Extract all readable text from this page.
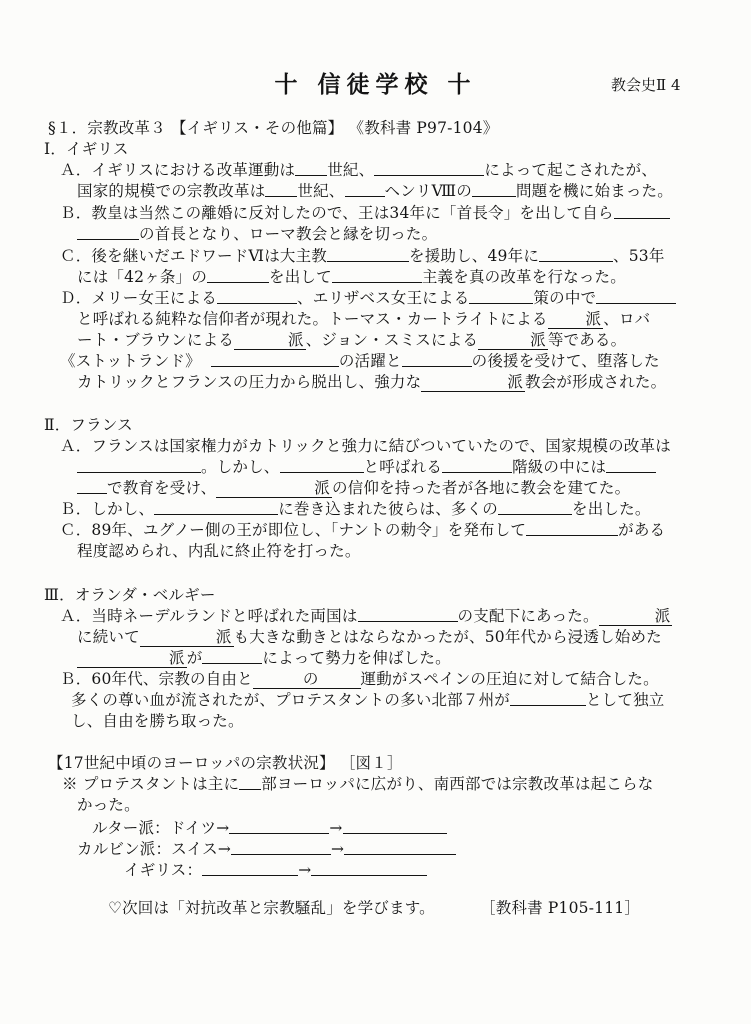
十 信徒学校 十	教会史Ⅱ 4
§１．宗教改革３ 【イギリス・その他篇】 《教科書 P97-104》
Ⅰ．イギリス
Ａ．イギリスにおける改革運動は 世紀、	によって起こされたが、
国家的規模での宗教改革は 世紀、	ヘンリⅧの	問題を機に始まった。
Ｂ．教皇は当然この離婚に反対したので、王は34年に「首長令」を出して自ら
の首長となり、ローマ教会と縁を切った。
Ｃ．後を継いだエドワードⅥは大主教	を援助し、49年に	、53年
には「42ヶ条」の	を出して	主義を真の改革を行なった。
Ｄ．メリー女王による	、エリザベス女王による	策の中で
と呼ばれる純粋な信仰者が現れた。トーマス・カートライトによる 派 、ロバ
ート・ブラウンによる	派 、ジョン・スミスによる	派 等である。
《ストットランド》	の活躍と	の後援を受けて、堕落した
カトリックとフランスの圧力から脱出し、強力な	派 教会が形成された。
Ⅱ．フランス
Ａ．フランスは国家権力がカトリックと強力に結びついていたので、国家規模の改革は
。しかし、	と呼ばれる	階級の中には
で教育を受け、	派 の信仰を持った者が各地に教会を建てた。
Ｂ．しかし、	に巻き込まれた彼らは、多くの	を出した。
Ｃ．89年、ユグノー側の王が即位し、「ナントの勅令」を発布して	がある
程度認められ、内乱に終止符を打った。
Ⅲ．オランダ・ベルギー
Ａ．当時ネーデルランドと呼ばれた両国は	の支配下にあった。	派
に続いて	派 も大きな動きとはならなかったが、50年代から浸透し始めた
派 が	によって勢力を伸ばした。
Ｂ．60年代、宗教の自由と	の	運動がスペインの圧迫に対して結合した。
多くの尊い血が流されたが、プロテスタントの多い北部７州が	として独立
し、自由を勝ち取った。
【17世紀中頃のヨーロッパの宗教状況】 ［図１］
※ プロテスタントは主に 部ヨーロッパに広がり、南西部では宗教改革は起こらな
かった。
ルター派：ドイツ→	→
カルビン派：スイス→	→
イギリス：	→
♡次回は「対抗改革と宗教騒乱」を学びます。	［教科書 P105-111］
